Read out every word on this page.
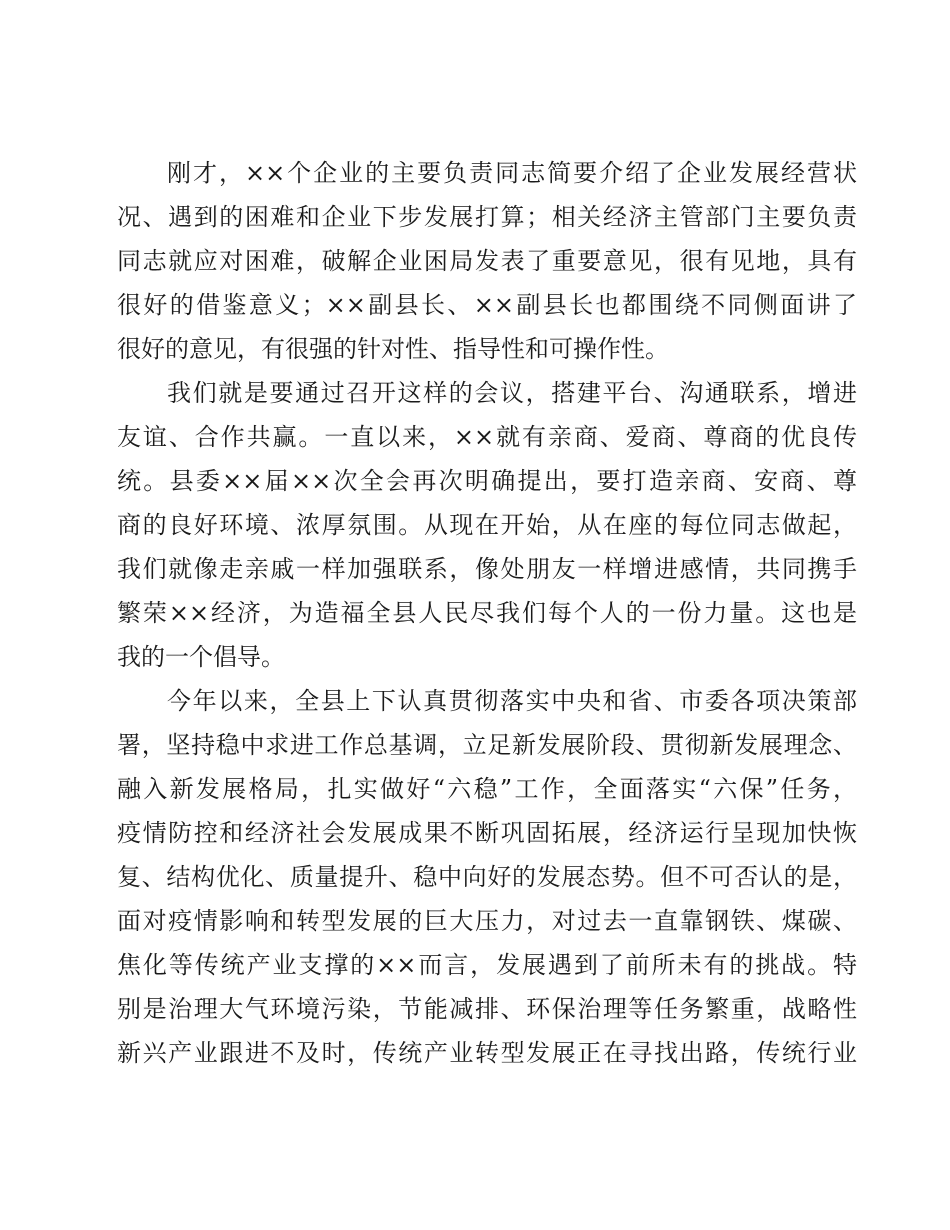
刚才，××个企业的主要负责同志简要介绍了企业发展经营状
况、遇到的困难和企业下步发展打算；相关经济主管部门主要负责
同志就应对困难，破解企业困局发表了重要意见，很有见地，具有
很好的借鉴意义；××副县长、××副县长也都围绕不同侧面讲了
很好的意见，有很强的针对性、指导性和可操作性。
我们就是要通过召开这样的会议，搭建平台、沟通联系，增进
友谊、合作共赢。一直以来，××就有亲商、爱商、尊商的优良传
统。县委××届××次全会再次明确提出，要打造亲商、安商、尊
商的良好环境、浓厚氛围。从现在开始，从在座的每位同志做起，
我们就像走亲戚一样加强联系，像处朋友一样增进感情，共同携手
繁荣××经济，为造福全县人民尽我们每个人的一份力量。这也是
我的一个倡导。
今年以来，全县上下认真贯彻落实中央和省、市委各项决策部
署，坚持稳中求进工作总基调，立足新发展阶段、贯彻新发展理念、
融入新发展格局，扎实做好“六稳”工作，全面落实“六保”任务，
疫情防控和经济社会发展成果不断巩固拓展，经济运行呈现加快恢
复、结构优化、质量提升、稳中向好的发展态势。但不可否认的是，
面对疫情影响和转型发展的巨大压力，对过去一直靠钢铁、煤碳、
焦化等传统产业支撑的××而言，发展遇到了前所未有的挑战。特
别是治理大气环境污染，节能减排、环保治理等任务繁重，战略性
新兴产业跟进不及时，传统产业转型发展正在寻找出路，传统行业
